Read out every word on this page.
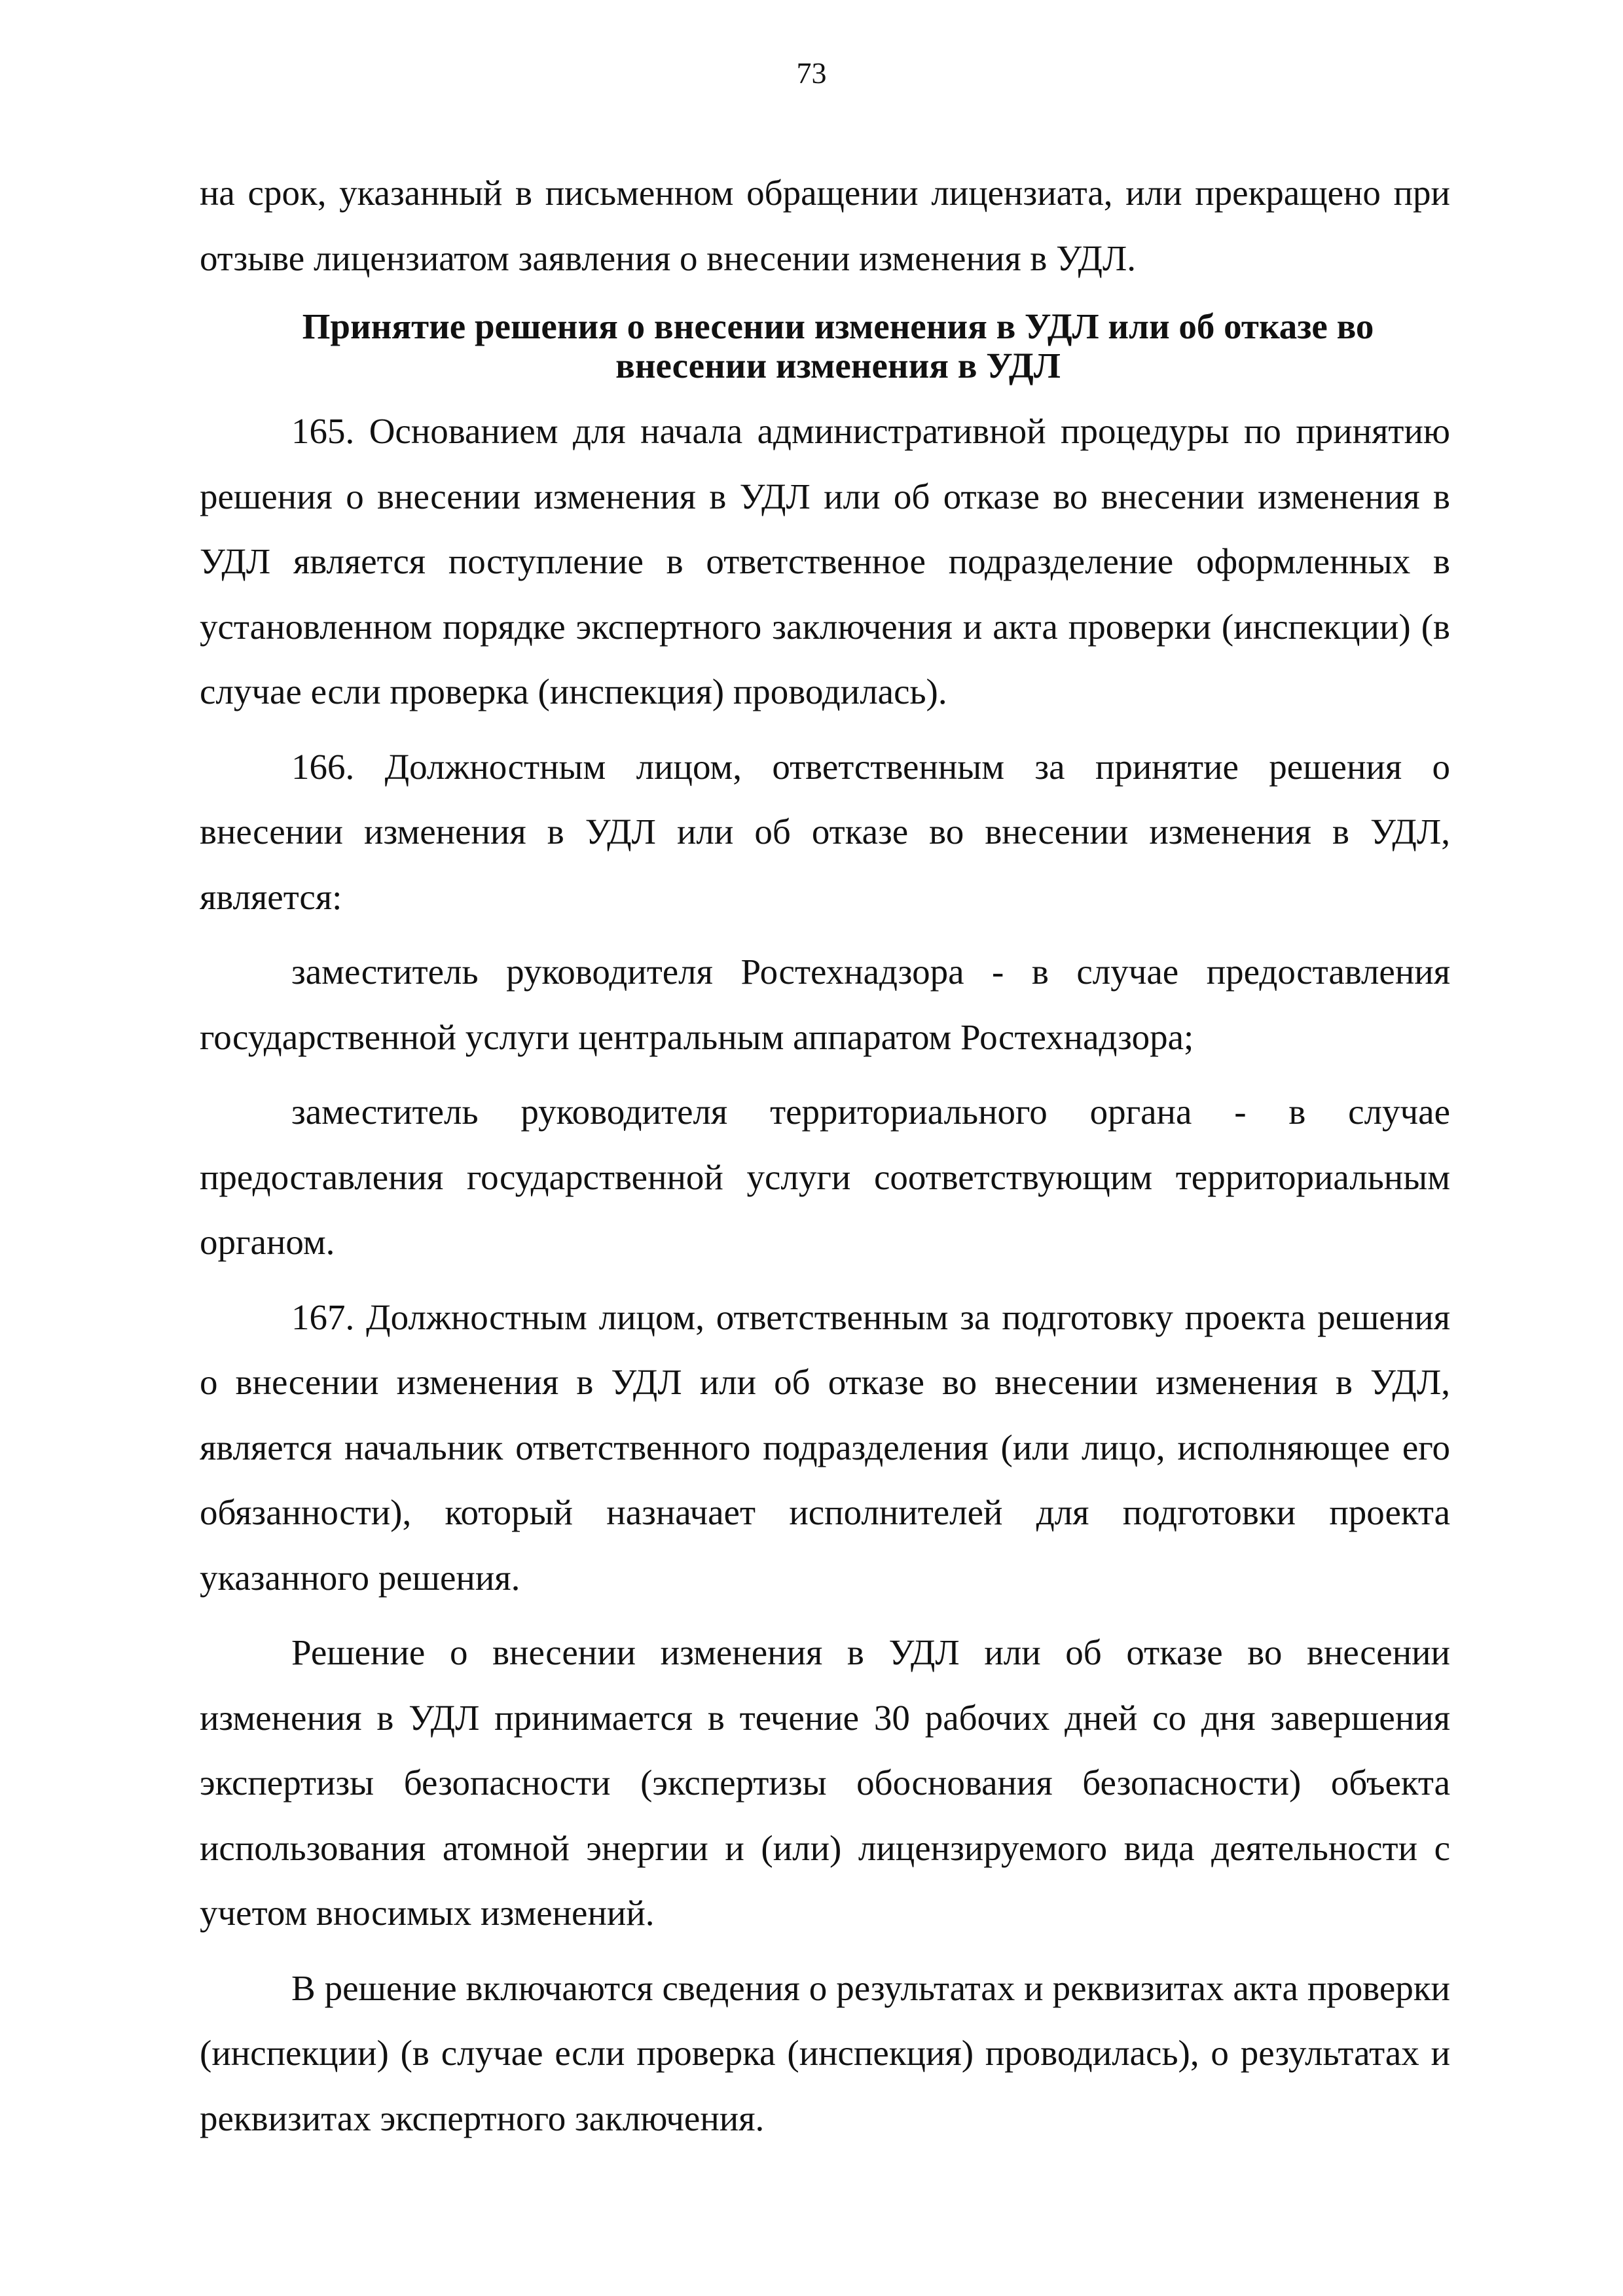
73

на срок, указанный в письменном обращении лицензиата, или прекращено при отзыве лицензиатом заявления о внесении изменения в УДЛ.

Принятие решения о внесении изменения в УДЛ или об отказе во
внесении изменения в УДЛ

165. Основанием для начала административной процедуры по принятию решения о внесении изменения в УДЛ или об отказе во внесении изменения в УДЛ является поступление в ответственное подразделение оформленных в установленном порядке экспертного заключения и акта проверки (инспекции) (в случае если проверка (инспекция) проводилась).

166. Должностным лицом, ответственным за принятие решения о внесении изменения в УДЛ или об отказе во внесении изменения в УДЛ, является:

заместитель руководителя Ростехнадзора - в случае предоставления государственной услуги центральным аппаратом Ростехнадзора;

заместитель руководителя территориального органа - в случае предоставления государственной услуги соответствующим территориальным органом.

167. Должностным лицом, ответственным за подготовку проекта решения о внесении изменения в УДЛ или об отказе во внесении изменения в УДЛ, является начальник ответственного подразделения (или лицо, исполняющее его обязанности), который назначает исполнителей для подготовки проекта указанного решения.

Решение о внесении изменения в УДЛ или об отказе во внесении изменения в УДЛ принимается в течение 30 рабочих дней со дня завершения экспертизы безопасности (экспертизы обоснования безопасности) объекта использования атомной энергии и (или) лицензируемого вида деятельности с учетом вносимых изменений.

В решение включаются сведения о результатах и реквизитах акта проверки (инспекции) (в случае если проверка (инспекция) проводилась), о результатах и реквизитах экспертного заключения.
